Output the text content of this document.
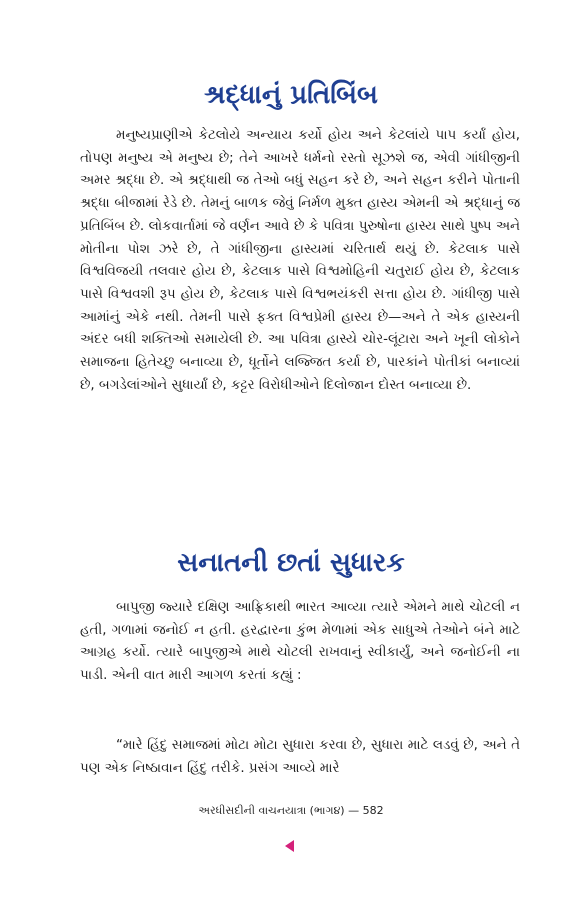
શ્રદ્ધાનું પ્રતિબિંબ

મનુષ્યપ્રાણીએ કેટલોયે અન્યાય કર્યો હોય અને કેટલાંયે પાપ કર્યાં હોય, તોપણ મનુષ્ય એ મનુષ્ય છે; તેને આખરે ધર્મનો રસ્તો સૂઝશે જ, એવી ગાંધીજીની અમર શ્રદ્ધા છે. એ શ્રદ્ધાથી જ તેઓ બધું સહન કરે છે, અને સહન કરીને પોતાની શ્રદ્ધા બીજામાં રેડે છે. તેમનું બાળક જેવું નિર્મળ મુક્ત હાસ્ય એમની એ શ્રદ્ધાનું જ પ્રતિબિંબ છે. લોકવાર્તામાં જે વર્ણન આવે છે કે પવિત્રા પુરુષોના હાસ્ય સાથે પુષ્પ અને મોતીના પોશ ઝરે છે, તે ગાંધીજીના હાસ્યમાં ચરિતાર્થ થયું છે. કેટલાક પાસે વિશ્વવિજયી તલવાર હોય છે, કેટલાક પાસે વિશ્વમોહિની ચતુરાઈ હોય છે, કેટલાક પાસે વિશ્વવશી રૂપ હોય છે, કેટલાક પાસે વિશ્વભયંકરી સત્તા હોય છે. ગાંધીજી પાસે આમાંનું એકે નથી. તેમની પાસે ફક્ત વિશ્વપ્રેમી હાસ્ય છે—અને તે એક હાસ્યની અંદર બધી શક્તિઓ સમાયેલી છે. આ પવિત્રા હાસ્યે ચોર-લૂંટારા અને ખૂની લોકોને સમાજના હિતેચ્છુ બનાવ્યા છે, ધૂર્તોને લજ્જિત કર્યા છે, પારકાંને પોતીકાં બનાવ્યાં છે, બગડેલાંઓને સુધાર્યાં છે, કટ્ટર વિરોધીઓને દિલોજાન દોસ્ત બનાવ્યા છે.

સનાતની છતાં સુધારક

બાપુજી જ્યારે દક્ષિણ આફ્રિકાથી ભારત આવ્યા ત્યારે એમને માથે ચોટલી ન હતી, ગળામાં જનોઈ ન હતી. હરદ્વારના કુંભ મેળામાં એક સાધુએ તેઓને બંને માટે આગ્રહ કર્યો. ત્યારે બાપુજીએ માથે ચોટલી રાખવાનું સ્વીકાર્યું, અને જનોઈની ના પાડી. એની વાત મારી આગળ કરતાં કહ્યું :

“મારે હિંદુ સમાજમાં મોટા મોટા સુધારા કરવા છે, સુધારા માટે લડવું છે, અને તે પણ એક નિષ્ઠાવાન હિંદુ તરીકે. પ્રસંગ આવ્યે મારે

અરધીસદીની વાચનયાત્રા (ભાગ૪) — 582
